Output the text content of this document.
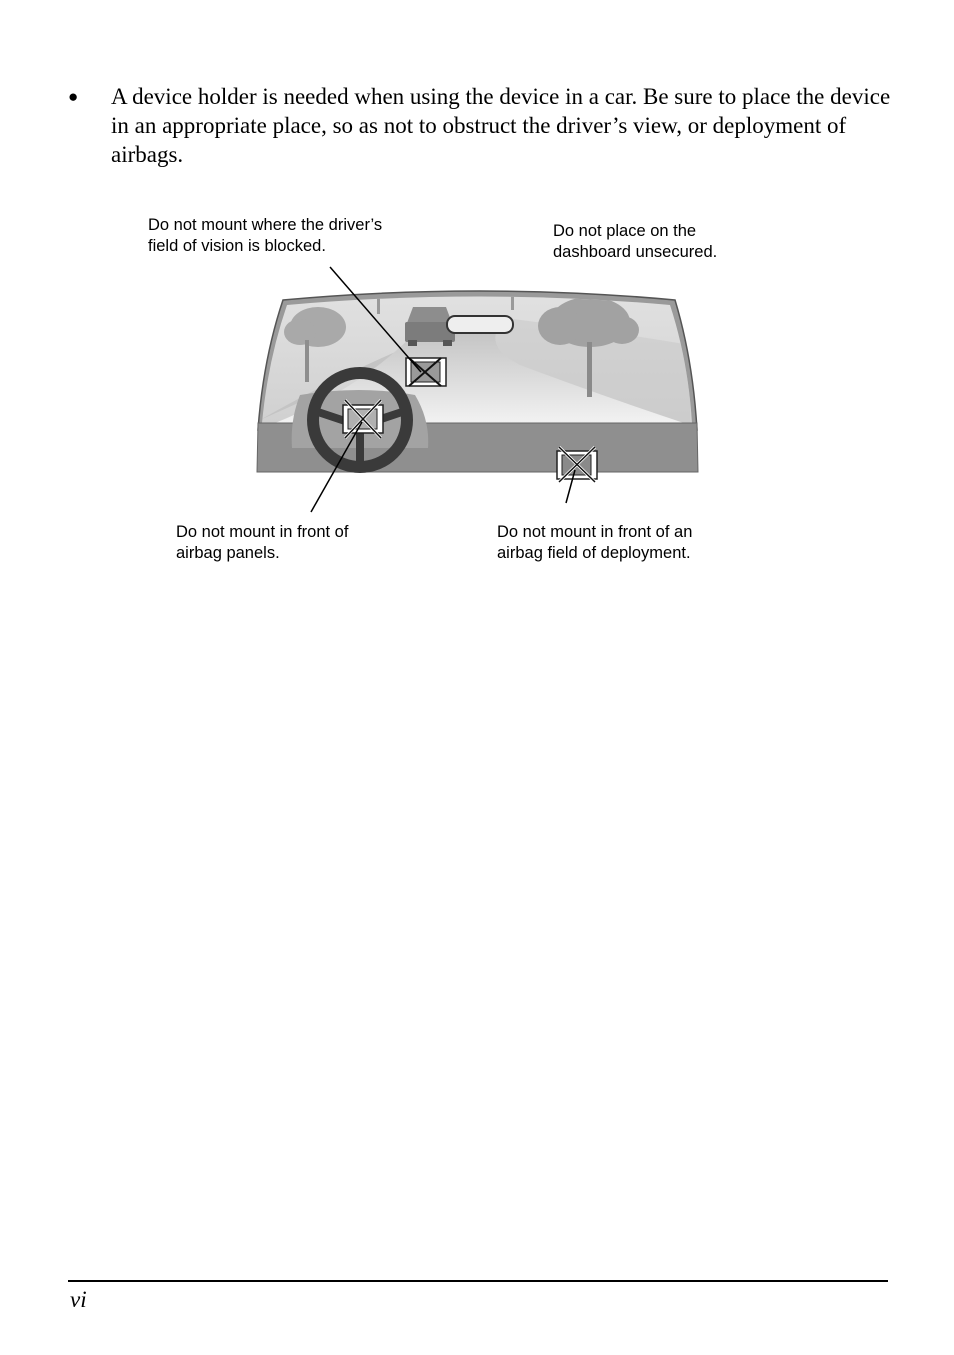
● A device holder is needed when using the device in a car. Be sure to place the device in an appropriate place, so as not to obstruct the driver’s view, or deployment of airbags.
Do not mount where the driver’s
field of vision is blocked.
Do not place on the
dashboard unsecured.
Do not mount in front of
airbag panels.
Do not mount in front of an
airbag field of deployment.
vi
